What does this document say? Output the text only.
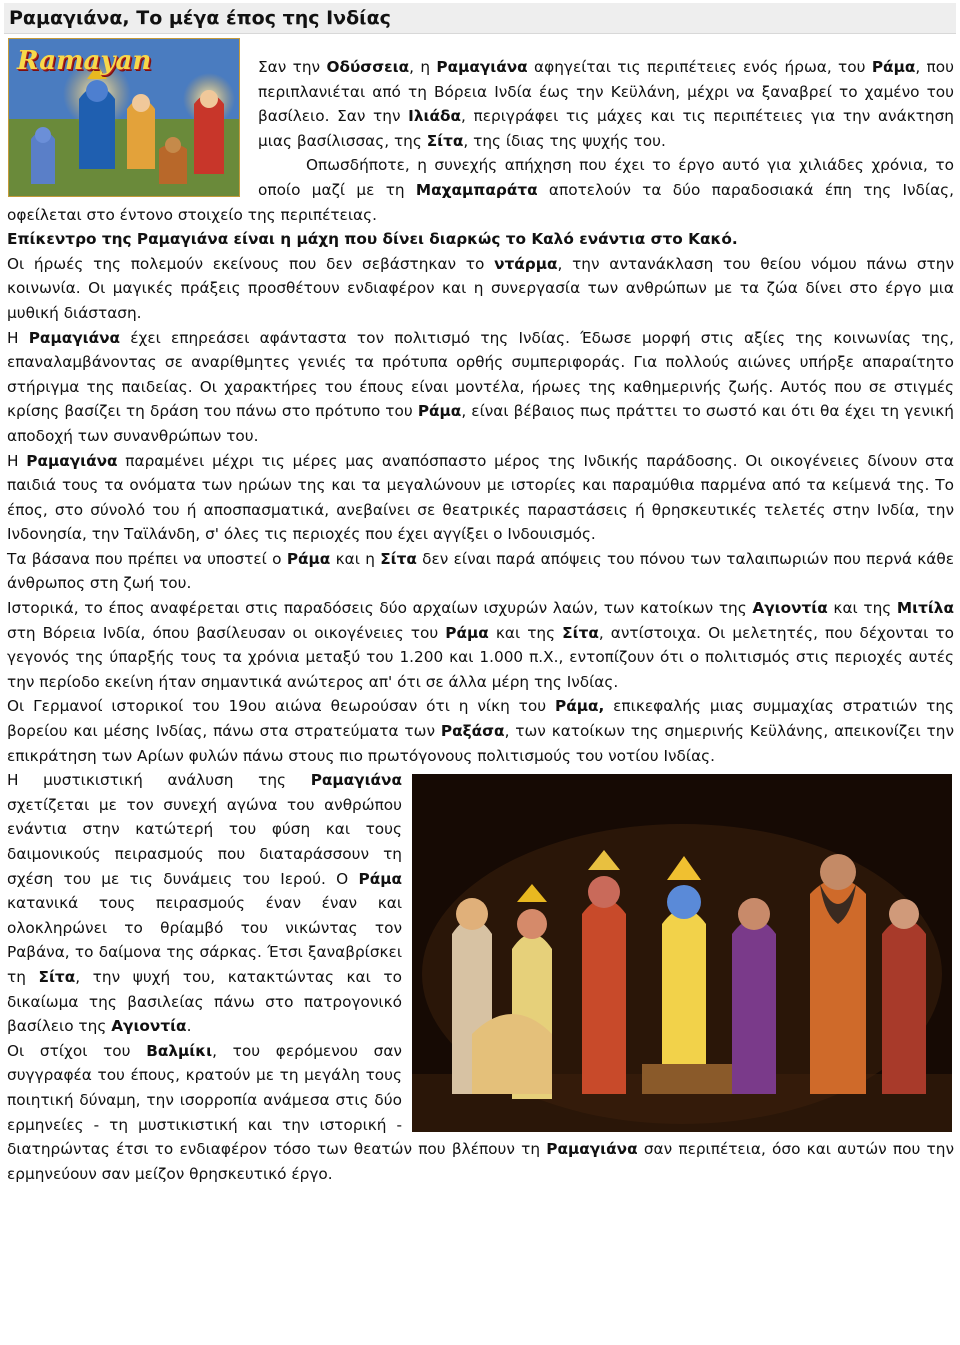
Ραμαγιάνα, Το μέγα έπος της Ινδίας
Ramayan	Σαν την Οδύσσεια, η Ραμαγιάνα αφηγείται τις περιπέτειες ενός ήρωα, του Ράμα, που περιπλανιέται από τη Βόρεια Ινδία έως την Κεϋλάνη, μέχρι να ξαναβρεί το χαμένο του βασίλειο. Σαν την Ιλιάδα, περιγράφει τις μάχες και τις περιπέτειες για την ανάκτηση μιας βασίλισσας, της Σίτα, της ίδιας της ψυχής του.

Οπωσδήποτε, η συνεχής απήχηση που έχει το έργο αυτό για χιλιάδες χρόνια, το οποίο μαζί με τη Μαχαμπαράτα αποτελούν τα δύο παραδοσιακά έπη της Ινδίας, οφείλεται στο έντονο στοιχείο της περιπέτειας.

Επίκεντρο της Ραμαγιάνα είναι η μάχη που δίνει διαρκώς το Καλό ενάντια στο Κακό.

Οι ήρωές της πολεμούν εκείνους που δεν σεβάστηκαν το ντάρμα, την αντανάκλαση του θείου νόμου πάνω στην κοινωνία. Οι μαγικές πράξεις προσθέτουν ενδιαφέρον και η συνεργασία των ανθρώπων με τα ζώα δίνει στο έργο μια μυθική διάσταση.

Η Ραμαγιάνα έχει επηρεάσει αφάνταστα τον πολιτισμό της Ινδίας. Έδωσε μορφή στις αξίες της κοινωνίας της, επαναλαμβάνοντας σε αναρίθμητες γενιές τα πρότυπα ορθής συμπεριφοράς. Για πολλούς αιώνες υπήρξε απαραίτητο στήριγμα της παιδείας. Οι χαρακτήρες του έπους είναι μοντέλα, ήρωες της καθημερινής ζωής. Αυτός που σε στιγμές κρίσης βασίζει τη δράση του πάνω στο πρότυπο του Ράμα, είναι βέβαιος πως πράττει το σωστό και ότι θα έχει τη γενική αποδοχή των συνανθρώπων του.

Η Ραμαγιάνα παραμένει μέχρι τις μέρες μας αναπόσπαστο μέρος της Ινδικής παράδοσης. Οι οικογένειες δίνουν στα παιδιά τους τα ονόματα των ηρώων της και τα μεγαλώνουν με ιστορίες και παραμύθια παρμένα από τα κείμενά της. Το έπος, στο σύνολό του ή αποσπασματικά, ανεβαίνει σε θεατρικές παραστάσεις ή θρησκευτικές τελετές στην Ινδία, την Ινδονησία, την Ταϊλάνδη, σ' όλες τις περιοχές που έχει αγγίξει ο Ινδουισμός.

Τα βάσανα που πρέπει να υποστεί ο Ράμα και η Σίτα δεν είναι παρά απόψεις του πόνου των ταλαιπωριών που περνά κάθε άνθρωπος στη ζωή του.

Ιστορικά, το έπος αναφέρεται στις παραδόσεις δύο αρχαίων ισχυρών λαών, των κατοίκων της Αγιοντία και της Μιτίλα στη Βόρεια Ινδία, όπου βασίλευσαν οι οικογένειες του Ράμα και της Σίτα, αντίστοιχα. Οι μελετητές, που δέχονται το γεγονός της ύπαρξής τους τα χρόνια μεταξύ του 1.200 και 1.000 π.Χ., εντοπίζουν ότι ο πολιτισμός στις περιοχές αυτές την περίοδο εκείνη ήταν σημαντικά ανώτερος απ' ότι σε άλλα μέρη της Ινδίας.

Οι Γερμανοί ιστορικοί του 19ου αιώνα θεωρούσαν ότι η νίκη του Ράμα, επικεφαλής μιας συμμαχίας στρατιών της βορείου και μέσης Ινδίας, πάνω στα στρατεύματα των Ραξάσα, των κατοίκων της σημερινής Κεϋλάνης, απεικονίζει την επικράτηση των Αρίων φυλών πάνω στους πιο πρωτόγονους πολιτισμούς του νοτίου Ινδίας.

Η μυστικιστική ανάλυση της Ραμαγιάνα σχετίζεται με τον συνεχή αγώνα του ανθρώπου ενάντια στην κατώτερή του φύση και τους δαιμονικούς πειρασμούς που διαταράσσουν τη σχέση του με τις δυνάμεις του Ιερού. Ο Ράμα κατανικά τους πειρασμούς έναν έναν και ολοκληρώνει το θρίαμβό του νικώντας τον Ραβάνα, το δαίμονα της σάρκας. Έτσι ξαναβρίσκει τη Σίτα, την ψυχή του, κατακτώντας και το δικαίωμα της βασιλείας πάνω στο πατρογονικό βασίλειο της Αγιοντία.

Οι στίχοι του Βαλμίκι, του φερόμενου σαν συγγραφέα του έπους, κρατούν με τη μεγάλη τους ποιητική δύναμη, την ισορροπία ανάμεσα στις δύο ερμηνείες - τη μυστικιστική και την ιστορική - διατηρώντας έτσι το ενδιαφέρον τόσο των θεατών που βλέπουν τη Ραμαγιάνα σαν περιπέτεια, όσο και αυτών που την ερμηνεύουν σαν μείζον θρησκευτικό έργο.
